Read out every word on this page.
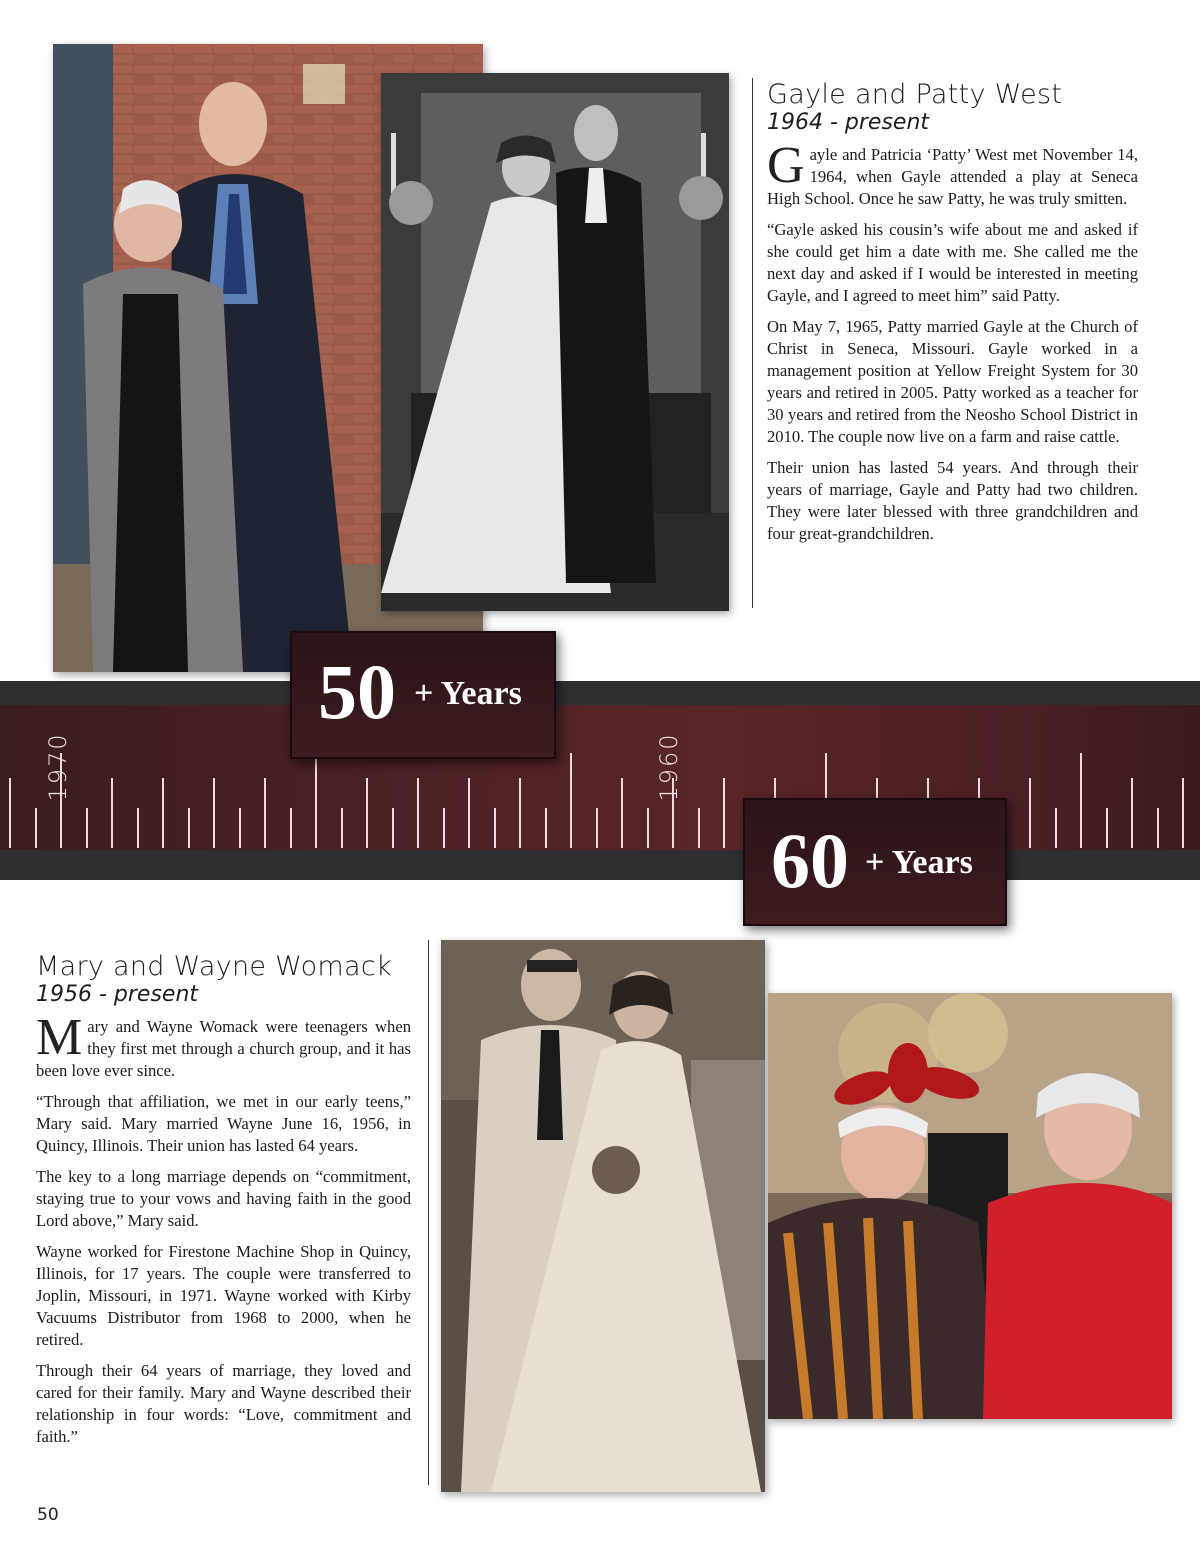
Gayle and Patty West
1964 - present

Gayle and Patricia ‘Patty’ West met November 14, 1964, when Gayle attended a play at Seneca High School. Once he saw Patty, he was truly smitten.

“Gayle asked his cousin’s wife about me and asked if she could get him a date with me. She called me the next day and asked if I would be interested in meeting Gayle, and I agreed to meet him” said Patty.

On May 7, 1965, Patty married Gayle at the Church of Christ in Seneca, Missouri. Gayle worked in a management position at Yellow Freight System for 30 years and retired in 2005. Patty worked as a teacher for 30 years and retired from the Neosho School District in 2010. The couple now live on a farm and raise cattle.

Their union has lasted 54 years. And through their years of marriage, Gayle and Patty had two children. They were later blessed with three grandchildren and four great-grandchildren.

1970	1960
50 + Years
60 + Years
Mary and Wayne Womack
1956 - present

Mary and Wayne Womack were teenagers when they first met through a church group, and it has been love ever since.

“Through that affiliation, we met in our early teens,” Mary said. Mary married Wayne June 16, 1956, in Quincy, Illinois. Their union has lasted 64 years.

The key to a long marriage depends on “commitment, staying true to your vows and having faith in the good Lord above,” Mary said.

Wayne worked for Firestone Machine Shop in Quincy, Illinois, for 17 years. The couple were transferred to Joplin, Missouri, in 1971. Wayne worked with Kirby Vacuums Distributor from 1968 to 2000, when he retired.

Through their 64 years of marriage, they loved and cared for their family. Mary and Wayne described their relationship in four words: “Love, commitment and faith.”

50
